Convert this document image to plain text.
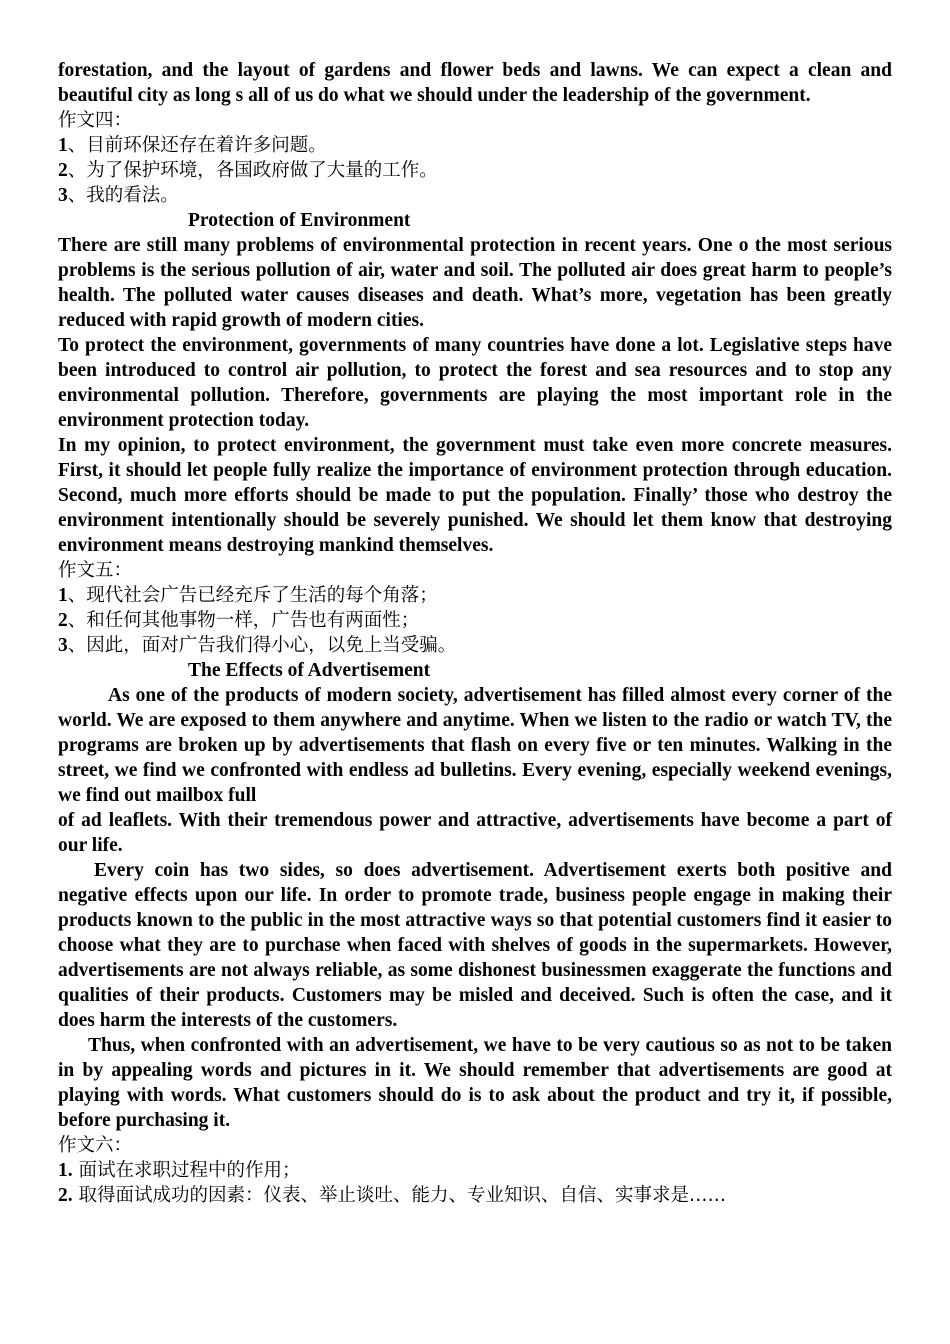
forestation, and the layout of gardens and flower beds and lawns. We can expect a clean and beautiful city as long s all of us do what we should under the leadership of the government.

作文四：

1、目前环保还存在着许多问题。

2、为了保护环境，各国政府做了大量的工作。

3、我的看法。

Protection of Environment

There are still many problems of environmental protection in recent years. One o the most serious problems is the serious pollution of air, water and soil. The polluted air does great harm to people’s health. The polluted water causes diseases and death. What’s more, vegetation has been greatly reduced with rapid growth of modern cities.

To protect the environment, governments of many countries have done a lot. Legislative steps have been introduced to control air pollution, to protect the forest and sea resources and to stop any environmental pollution. Therefore, governments are playing the most important role in the environment protection today.

In my opinion, to protect environment, the government must take even more concrete measures. First, it should let people fully realize the importance of environment protection through education. Second, much more efforts should be made to put the population. Finally’ those who destroy the environment intentionally should be severely punished. We should let them know that destroying environment means destroying mankind themselves.

作文五：

1、现代社会广告已经充斥了生活的每个角落；

2、和任何其他事物一样，广告也有两面性；

3、因此，面对广告我们得小心，以免上当受骗。

The Effects of Advertisement

As one of the products of modern society, advertisement has filled almost every corner of the world. We are exposed to them anywhere and anytime. When we listen to the radio or watch TV, the programs are broken up by advertisements that flash on every five or ten minutes. Walking in the street, we find we confronted with endless ad bulletins. Every evening, especially weekend evenings, we find out mailbox full

of ad leaflets. With their tremendous power and attractive, advertisements have become a part of our life.

Every coin has two sides, so does advertisement. Advertisement exerts both positive and negative effects upon our life. In order to promote trade, business people engage in making their products known to the public in the most attractive ways so that potential customers find it easier to choose what they are to purchase when faced with shelves of goods in the supermarkets. However, advertisements are not always reliable, as some dishonest businessmen exaggerate the functions and qualities of their products. Customers may be misled and deceived. Such is often the case, and it does harm the interests of the customers.

Thus, when confronted with an advertisement, we have to be very cautious so as not to be taken in by appealing words and pictures in it. We should remember that advertisements are good at playing with words. What customers should do is to ask about the product and try it, if possible, before purchasing it.

作文六：

1. 面试在求职过程中的作用；

2. 取得面试成功的因素：仪表、举止谈吐、能力、专业知识、自信、实事求是……
